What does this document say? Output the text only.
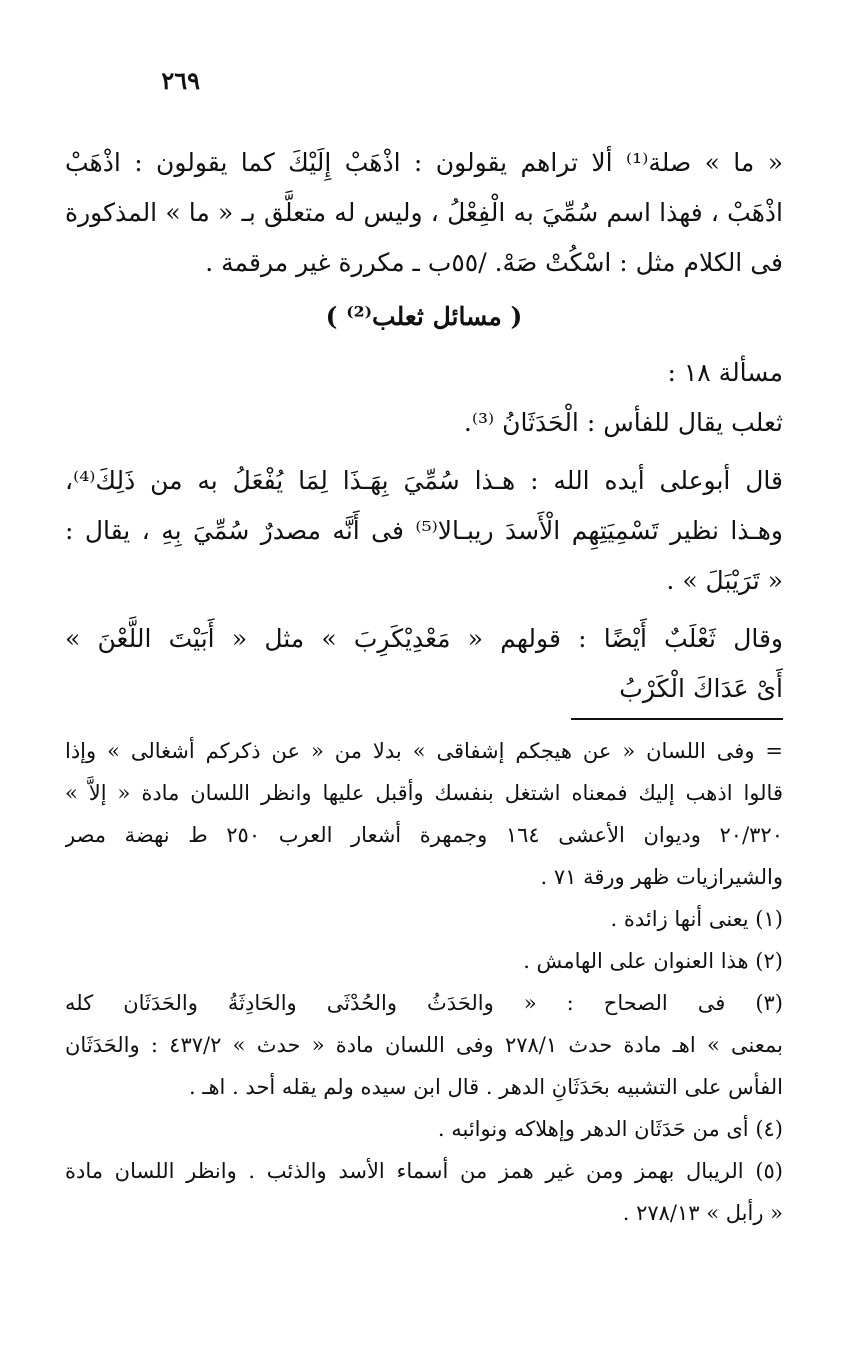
٢٦٩
« ما » صلة⁽¹⁾ ألا تراهم يقولون : اذْهَبْ إِلَيْكَ كما يقولون : اذْهَبْ
اذْهَبْ ، فهذا اسم سُمِّيَ به الْفِعْلُ ، وليس له متعلَّق بـ « ما » المذكورة
فى الكلام مثل : اسْكُتْ صَهْ. /٥٥ب ـ مكررة غير مرقمة .
( مسائل ثعلب⁽²⁾ )
مسألة ١٨ :
ثعلب يقال للفأس : الْحَدَثَانُ ⁽³⁾.
قال أبوعلى أيده الله : هـذا سُمِّيَ بِهَـذَا لِمَا يُفْعَلُ به من ذَلِكَ⁽⁴⁾،
وهـذا نظير تَسْمِيَتِهِم الْأَسدَ ريبـالا⁽⁵⁾ فى أَنَّه مصدرٌ سُمِّيَ بِهِ ، يقال :
« تَرَيْبَلَ » .
وقال ثَعْلَبٌ أَيْضًا : قولهم « مَعْدِيْكَرِبَ » مثل « أَبَيْتَ اللَّعْنَ »
أَىْ عَدَاكَ الْكَرْبُ
= وفى اللسان « عن هيجكم إشفاقى » بدلا من « عن ذكركم أشغالى » وإذا
قالوا اذهب إليك فمعناه اشتغل بنفسك وأقبل عليها وانظر اللسان مادة « إلاَّ »
٢٠/٣٢٠ وديوان الأعشى ١٦٤ وجمهرة أشعار العرب ٢٥٠ ط نهضة مصر
والشيرازيات ظهر ورقة ٧١ .
(١) يعنى أنها زائدة .
(٢) هذا العنوان على الهامش .
(٣) فى الصحاح : « والحَدَثُ والحُدْثَى والحَادِثَةُ والحَدَثَان كله
بمعنى » اهـ مادة حدث ٢٧٨/١ وفى اللسان مادة « حدث » ٤٣٧/٢ : والحَدَثَان
الفأس على التشبيه بحَدَثَانِ الدهر . قال ابن سيده ولم يقله أحد . اهـ .
(٤) أى من حَدَثَان الدهر وإهلاكه ونوائبه .
(٥) الريبال بهمز ومن غير همز من أسماء الأسد والذئب . وانظر اللسان مادة
« رأبل » ٢٧٨/١٣ .
